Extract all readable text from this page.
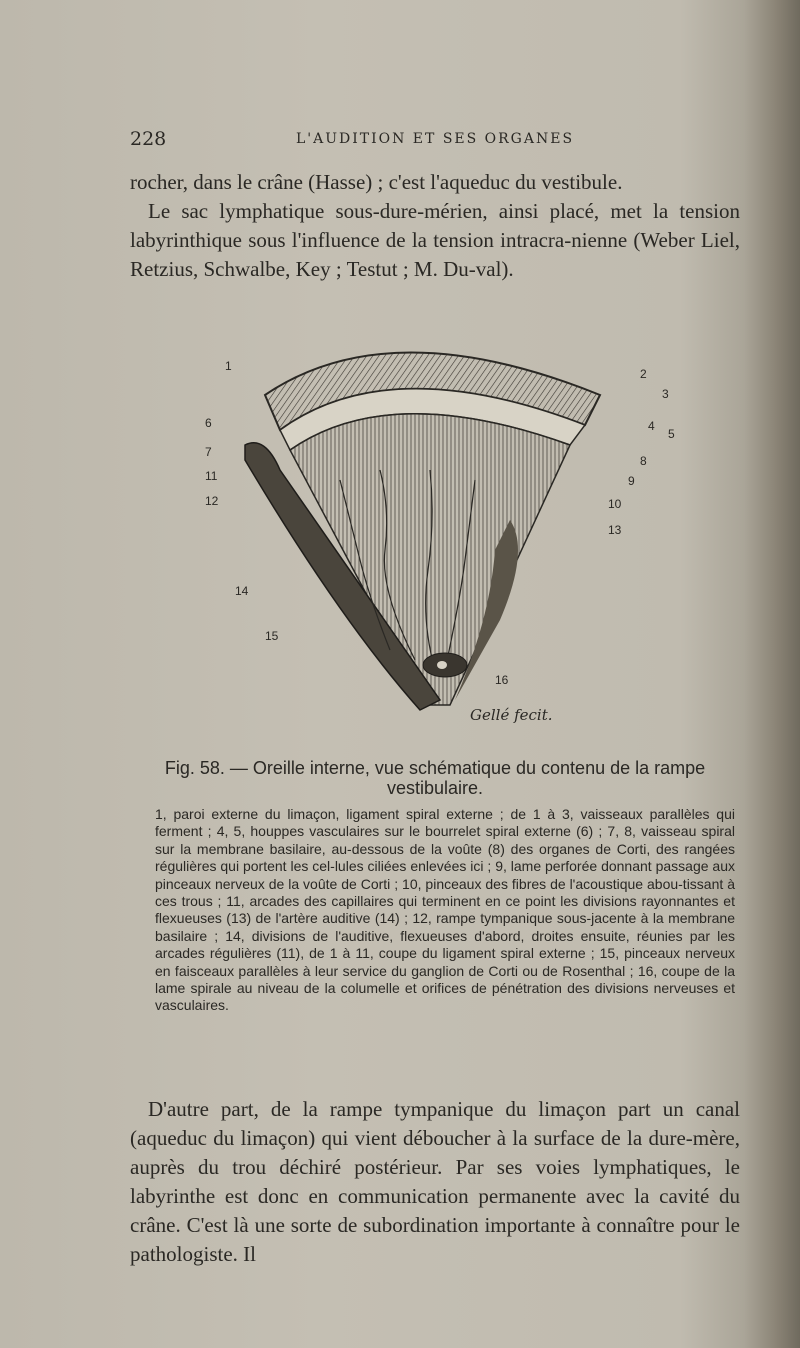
228	L'AUDITION ET SES ORGANES

rocher, dans le crâne (Hasse) ; c'est l'aqueduc du vestibule.

Le sac lymphatique sous-dure-mérien, ainsi placé, met la tension labyrinthique sous l'influence de la tension intracra-nienne (Weber Liel, Retzius, Schwalbe, Key ; Testut ; M. Du-val).

1
2
3
4
5
6
7
8
9
10
11
12
13
14
15
16
Gellé fecit.
Fig. 58. — Oreille interne, vue schématique du contenu de la rampe vestibulaire.
1, paroi externe du limaçon, ligament spiral externe ; de 1 à 3, vaisseaux parallèles qui ferment ; 4, 5, houppes vasculaires sur le bourrelet spiral externe (6) ; 7, 8, vaisseau spiral sur la membrane basilaire, au-dessous de la voûte (8) des organes de Corti, des rangées régulières qui portent les cel-lules ciliées enlevées ici ; 9, lame perforée donnant passage aux pinceaux nerveux de la voûte de Corti ; 10, pinceaux des fibres de l'acoustique abou-tissant à ces trous ; 11, arcades des capillaires qui terminent en ce point les divisions rayonnantes et flexueuses (13) de l'artère auditive (14) ; 12, rampe tympanique sous-jacente à la membrane basilaire ; 14, divisions de l'auditive, flexueuses d'abord, droites ensuite, réunies par les arcades régulières (11), de 1 à 11, coupe du ligament spiral externe ; 15, pinceaux nerveux en faisceaux parallèles à leur service du ganglion de Corti ou de Rosenthal ; 16, coupe de la lame spirale au niveau de la columelle et orifices de pénétration des divisions nerveuses et vasculaires.

D'autre part, de la rampe tympanique du limaçon part un canal (aqueduc du limaçon) qui vient déboucher à la surface de la dure-mère, auprès du trou déchiré postérieur. Par ses voies lymphatiques, le labyrinthe est donc en communication permanente avec la cavité du crâne. C'est là une sorte de subordination importante à connaître pour le pathologiste. Il
